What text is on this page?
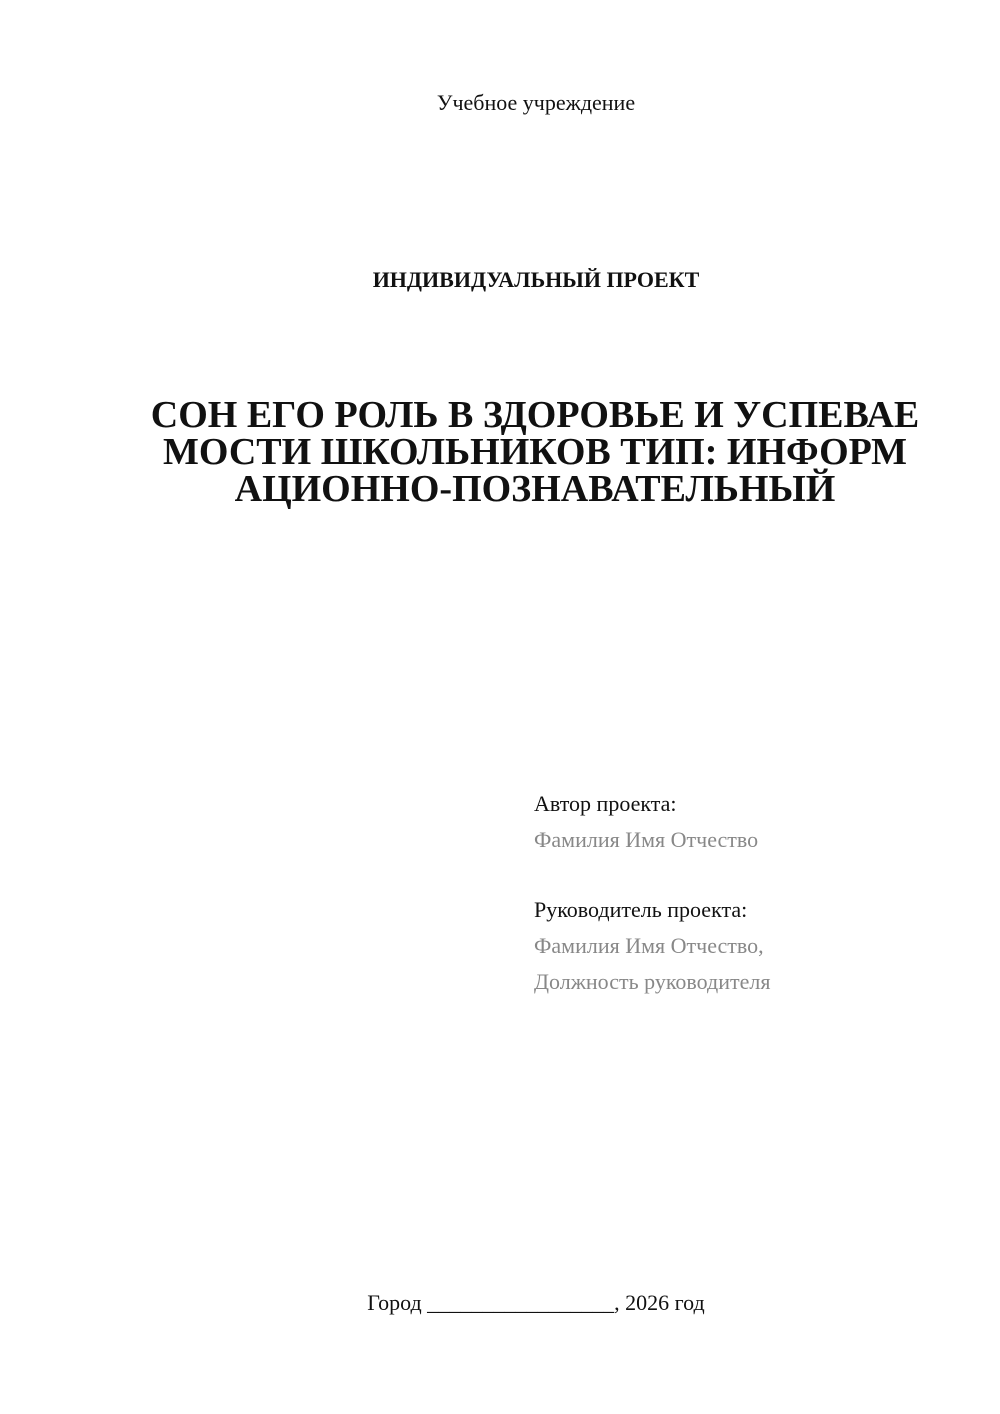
Учебное учреждение
ИНДИВИДУАЛЬНЫЙ ПРОЕКТ
СОН ЕГО РОЛЬ В ЗДОРОВЬЕ И УСПЕВАЕМОСТИ ШКОЛЬНИКОВ ТИП: ИНФОРМАЦИОННО-ПОЗНАВАТЕЛЬНЫЙ
Автор проекта:
Фамилия Имя Отчество
Руководитель проекта:
Фамилия Имя Отчество,
Должность руководителя
Город _________________, 2026 год
